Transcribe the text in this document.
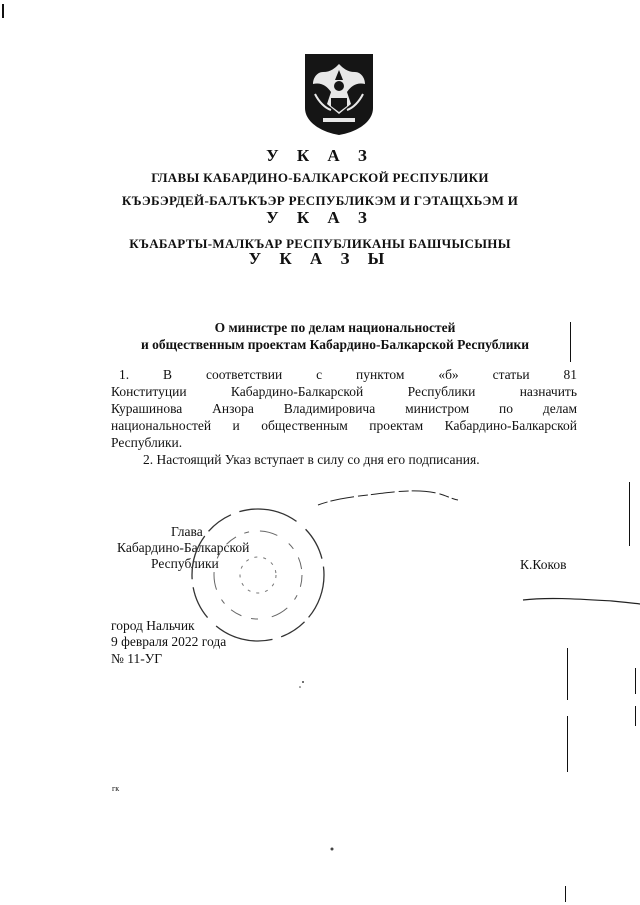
У К А З
ГЛАВЫ КАБАРДИНО-БАЛКАРСКОЙ РЕСПУБЛИКИ
КЪЭБЭРДЕЙ-БАЛЪКЪЭР РЕСПУБЛИКЭМ И ГЭТАЩХЬЭМ И
У К А З
КЪАБАРТЫ-МАЛКЪАР РЕСПУБЛИКАНЫ БАШЧЫСЫНЫ
У К А З Ы
О министре по делам национальностей
и общественным проектам Кабардино-Балкарской Республики
1. В соответствии с пунктом «б» статьи 81
Конституции Кабардино-Балкарской Республики назначить
Курашинова Анзора Владимировича министром по делам
национальностей и общественным проектам Кабардино-Балкарской
Республики.
2. Настоящий Указ вступает в силу со дня его подписания.
Глава
Кабардино-Балкарской
Республики	К.Коков
город Нальчик
9 февраля 2022 года
№ 11-УГ
гк
